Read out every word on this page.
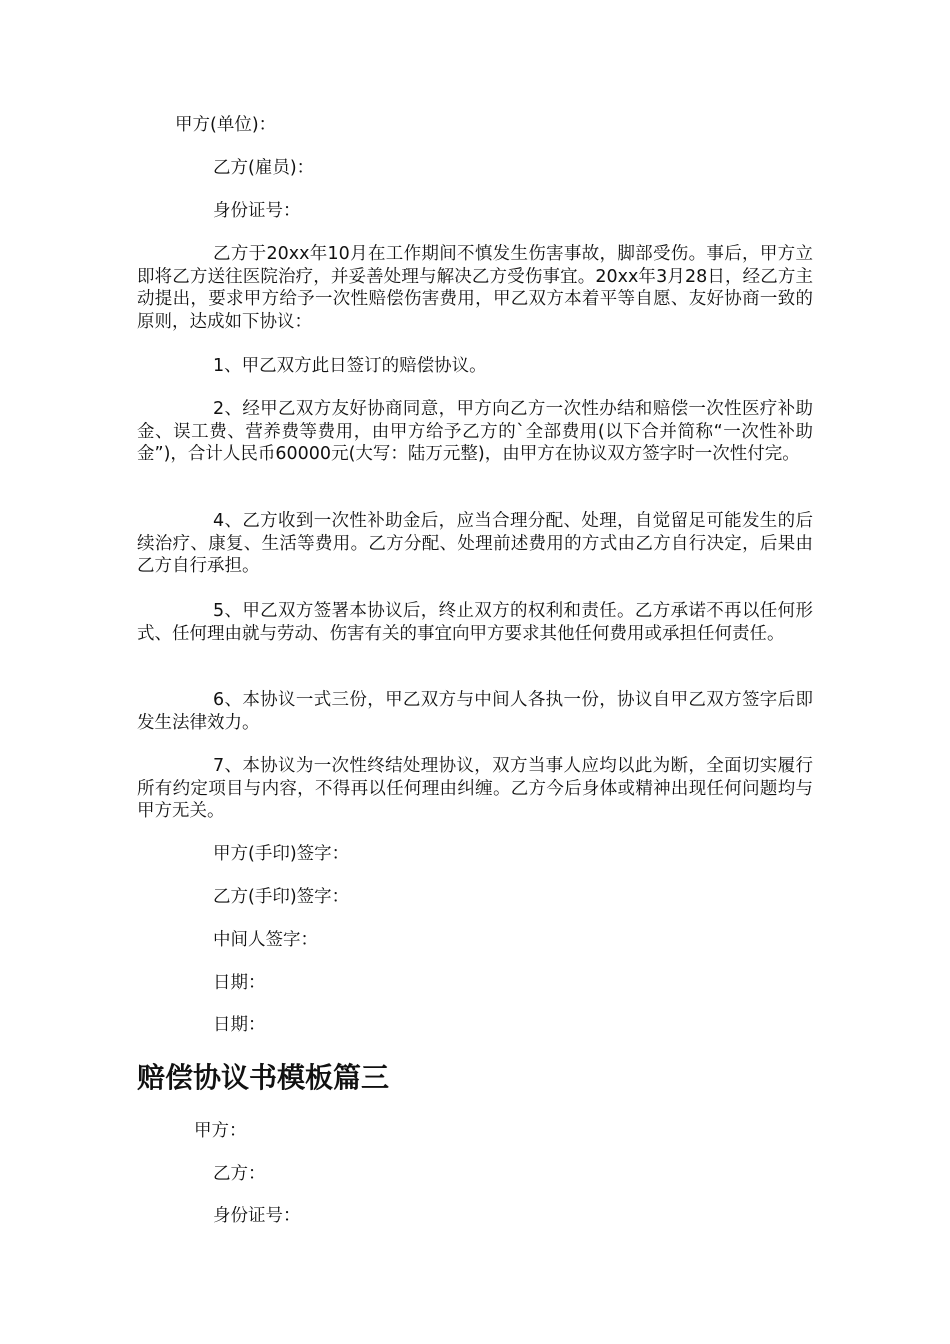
甲方(单位)：

乙方(雇员)：

身份证号：

乙方于20xx年10月在工作期间不慎发生伤害事故，脚部受伤。事后，甲方立即将乙方送往医院治疗，并妥善处理与解决乙方受伤事宜。20xx年3月28日，经乙方主动提出，要求甲方给予一次性赔偿伤害费用，甲乙双方本着平等自愿、友好协商一致的原则，达成如下协议：

1、甲乙双方此日签订的赔偿协议。

2、经甲乙双方友好协商同意，甲方向乙方一次性办结和赔偿一次性医疗补助金、误工费、营养费等费用，由甲方给予乙方的`全部费用(以下合并简称“一次性补助金”)，合计人民币60000元(大写：陆万元整)，由甲方在协议双方签字时一次性付完。

4、乙方收到一次性补助金后，应当合理分配、处理，自觉留足可能发生的后续治疗、康复、生活等费用。乙方分配、处理前述费用的方式由乙方自行决定，后果由乙方自行承担。

5、甲乙双方签署本协议后，终止双方的权利和责任。乙方承诺不再以任何形式、任何理由就与劳动、伤害有关的事宜向甲方要求其他任何费用或承担任何责任。

6、本协议一式三份，甲乙双方与中间人各执一份，协议自甲乙双方签字后即发生法律效力。

7、本协议为一次性终结处理协议，双方当事人应均以此为断，全面切实履行所有约定项目与内容，不得再以任何理由纠缠。乙方今后身体或精神出现任何问题均与甲方无关。

甲方(手印)签字：

乙方(手印)签字：

中间人签字：

日期：

日期：

赔偿协议书模板篇三

甲方：

乙方：

身份证号：
